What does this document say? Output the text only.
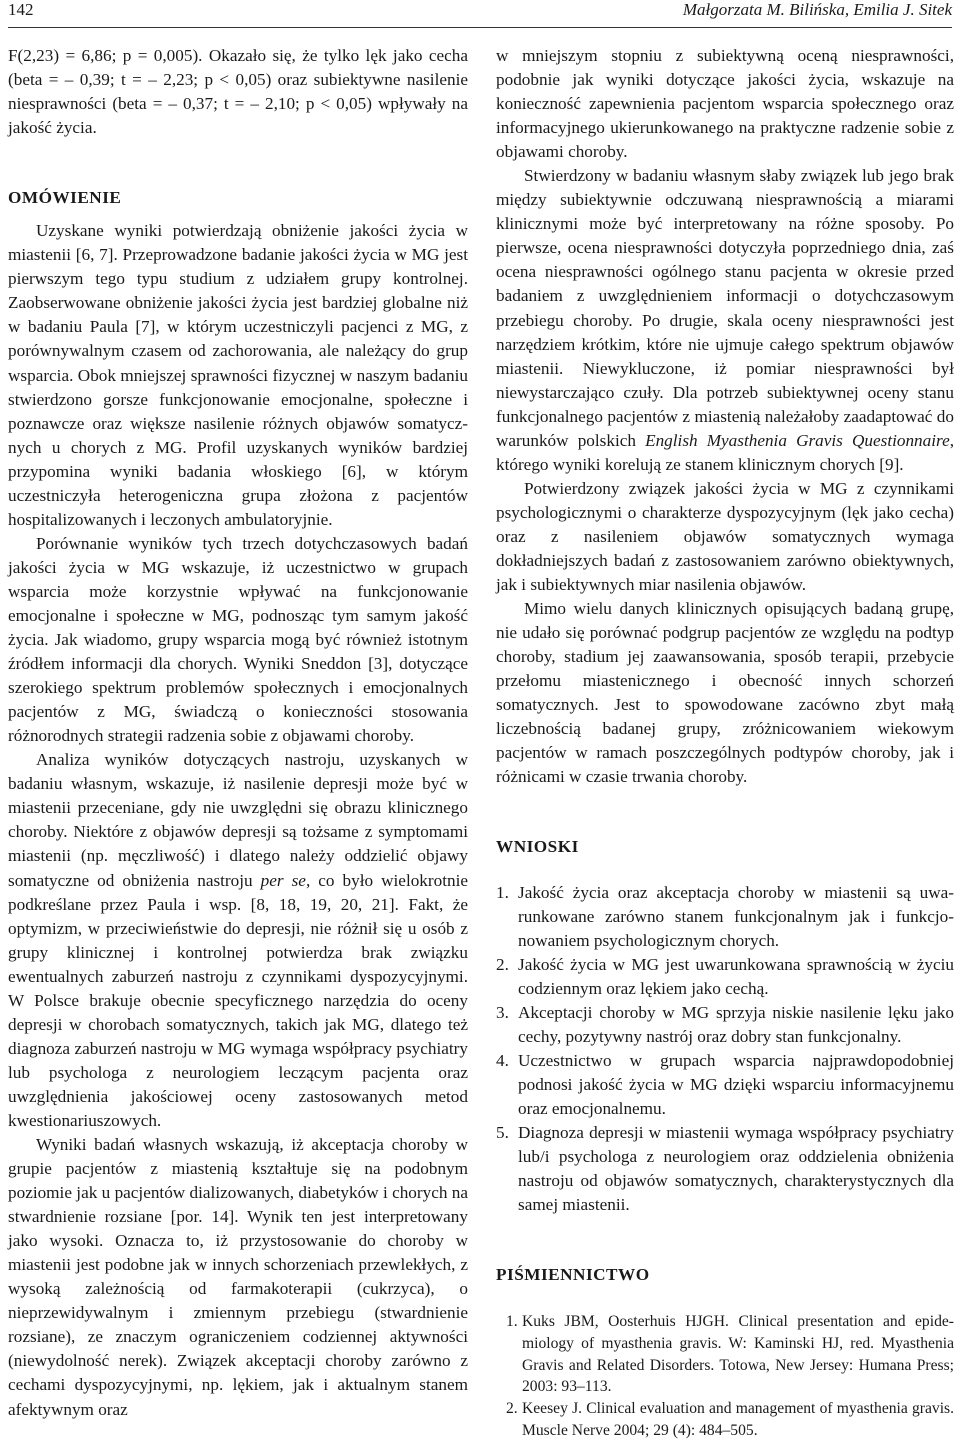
142	Małgorzata M. Bilińska, Emilia J. Sitek

F(2,23) = 6,86; p = 0,005). Okazało się, że tylko lęk jako cecha (beta = – 0,39; t = – 2,23; p < 0,05) oraz subiektywne nasilenie niesprawności (beta = – 0,37; t = – 2,10; p < 0,05) wpływały na jakość życia.

OMÓWIENIE

Uzyskane wyniki potwierdzają obniżenie jakości życia w miastenii [6, 7]. Przeprowadzone badanie jakości życia w MG jest pierwszym tego typu studium z udziałem grupy kontrolnej. Zaobserwowane obniżenie jakości życia jest bardziej globalne niż w badaniu Paula [7], w którym uczestniczyli pacjenci z MG, z porównywalnym czasem od zachorowania, ale należący do grup wsparcia. Obok mniejszej sprawności fizycznej w naszym badaniu stwierdzono gorsze funkcjonowanie emocjonalne, społeczne i poznawcze oraz większe nasilenie różnych objawów somatycznych u chorych z MG. Profil uzyskanych wyników bardziej przypomina wyniki badania włoskiego [6], w którym uczestniczyła heterogeniczna grupa złożona z pacjentów hospitalizowanych i leczonych ambulatoryjnie.

Porównanie wyników tych trzech dotychczasowych badań jakości życia w MG wskazuje, iż uczestnictwo w grupach wsparcia może korzystnie wpływać na funkcjonowanie emocjonalne i społeczne w MG, podnosząc tym samym jakość życia. Jak wiadomo, grupy wsparcia mogą być również istotnym źródłem informacji dla chorych. Wyniki Sneddon [3], dotyczące szerokiego spektrum problemów społecznych i emocjonalnych pacjentów z MG, świadczą o konieczności stosowania różnorodnych strategii radzenia sobie z objawami choroby.

Analiza wyników dotyczących nastroju, uzyskanych w badaniu własnym, wskazuje, iż nasilenie depresji może być w miastenii przeceniane, gdy nie uwzględni się obrazu klinicznego choroby. Niektóre z objawów depresji są tożsame z symptomami miastenii (np. męczliwość) i dlatego należy oddzielić objawy somatyczne od obniżenia nastroju per se, co było wielokrotnie podkreślane przez Paula i wsp. [8, 18, 19, 20, 21]. Fakt, że optymizm, w przeciwieństwie do depresji, nie różnił się u osób z grupy klinicznej i kontrolnej potwierdza brak związku ewentualnych zaburzeń nastroju z czynnikami dyspozycyjnymi. W Polsce brakuje obecnie specyficznego narzędzia do oceny depresji w chorobach somatycznych, takich jak MG, dlatego też diagnoza zaburzeń nastroju w MG wymaga współpracy psychiatry lub psychologa z neurologiem leczącym pacjenta oraz uwzględnienia jakościowej oceny zastosowanych metod kwestionariuszowych.

Wyniki badań własnych wskazują, iż akceptacja choroby w grupie pacjentów z miastenią kształtuje się na podobnym poziomie jak u pacjentów dializowanych, diabetyków i chorych na stwardnienie rozsiane [por. 14]. Wynik ten jest interpretowany jako wysoki. Oznacza to, iż przystosowanie do choroby w miastenii jest podobne jak w innych schorzeniach przewlekłych, z wysoką zależnością od farmakoterapii (cukrzyca), o nieprzewidywalnym i zmiennym przebiegu (stwardnienie rozsiane), ze znaczym ograniczeniem codziennej aktywności (niewydolność nerek). Związek akceptacji choroby zarówno z cechami dyspozycyjnymi, np. lękiem, jak i aktualnym stanem afektywnym oraz

w mniejszym stopniu z subiektywną oceną niesprawności, podobnie jak wyniki dotyczące jakości życia, wskazuje na konieczność zapewnienia pacjentom wsparcia społecznego oraz informacyjnego ukierunkowanego na praktyczne radzenie sobie z objawami choroby.

Stwierdzony w badaniu własnym słaby związek lub jego brak między subiektywnie odczuwaną niesprawnością a miarami klinicznymi może być interpretowany na różne sposoby. Po pierwsze, ocena niesprawności dotyczyła poprzedniego dnia, zaś ocena niesprawności ogólnego stanu pacjenta w okresie przed badaniem z uwzględnieniem informacji o dotychczasowym przebiegu choroby. Po drugie, skala oceny niesprawności jest narzędziem krótkim, które nie ujmuje całego spektrum objawów miastenii. Niewykluczone, iż pomiar niesprawności był niewystarczająco czuły. Dla potrzeb subiektywnej oceny stanu funkcjonalnego pacjentów z miastenią należałoby zaadaptować do warunków polskich English Myasthenia Gravis Questionnaire, którego wyniki korelują ze stanem klinicznym chorych [9].

Potwierdzony związek jakości życia w MG z czynnikami psychologicznymi o charakterze dyspozycyjnym (lęk jako cecha) oraz z nasileniem objawów somatycznych wymaga dokładniejszych badań z zastosowaniem zarówno obiektywnych, jak i subiektywnych miar nasilenia objawów.

Mimo wielu danych klinicznych opisujących badaną grupę, nie udało się porównać podgrup pacjentów ze względu na podtyp choroby, stadium jej zaawansowania, sposób terapii, przebycie przełomu miastenicznego i obecność innych schorzeń somatycznych. Jest to spowodowane zacówno zbyt małą liczebnością badanej grupy, zróżnicowaniem wiekowym pacjentów w ramach poszczególnych podtypów choroby, jak i różnicami w czasie trwania choroby.

WNIOSKI
1. Jakość życia oraz akceptacja choroby w miastenii są uwarunkowane zarówno stanem funkcjonalnym jak i funkcjonowaniem psychologicznym chorych.
2. Jakość życia w MG jest uwarunkowana sprawnością w życiu codziennym oraz lękiem jako cechą.
3. Akceptacji choroby w MG sprzyja niskie nasilenie lęku jako cechy, pozytywny nastrój oraz dobry stan funkcjonalny.
4. Uczestnictwo w grupach wsparcia najprawdopodobniej podnosi jakość życia w MG dzięki wsparciu informacyjnemu oraz emocjonalnemu.
5. Diagnoza depresji w miastenii wymaga współpracy psychiatry lub/i psychologa z neurologiem oraz oddzielenia obniżenia nastroju od objawów somatycznych, charakterystycznych dla samej miastenii.
PIŚMIENNICTWO
1. Kuks JBM, Oosterhuis HJGH. Clinical presentation and epidemiology of myasthenia gravis. W: Kaminski HJ, red. Myasthenia Gravis and Related Disorders. Totowa, New Jersey: Humana Press; 2003: 93–113.
2. Keesey J. Clinical evaluation and management of myasthenia gravis. Muscle Nerve 2004; 29 (4): 484–505.
